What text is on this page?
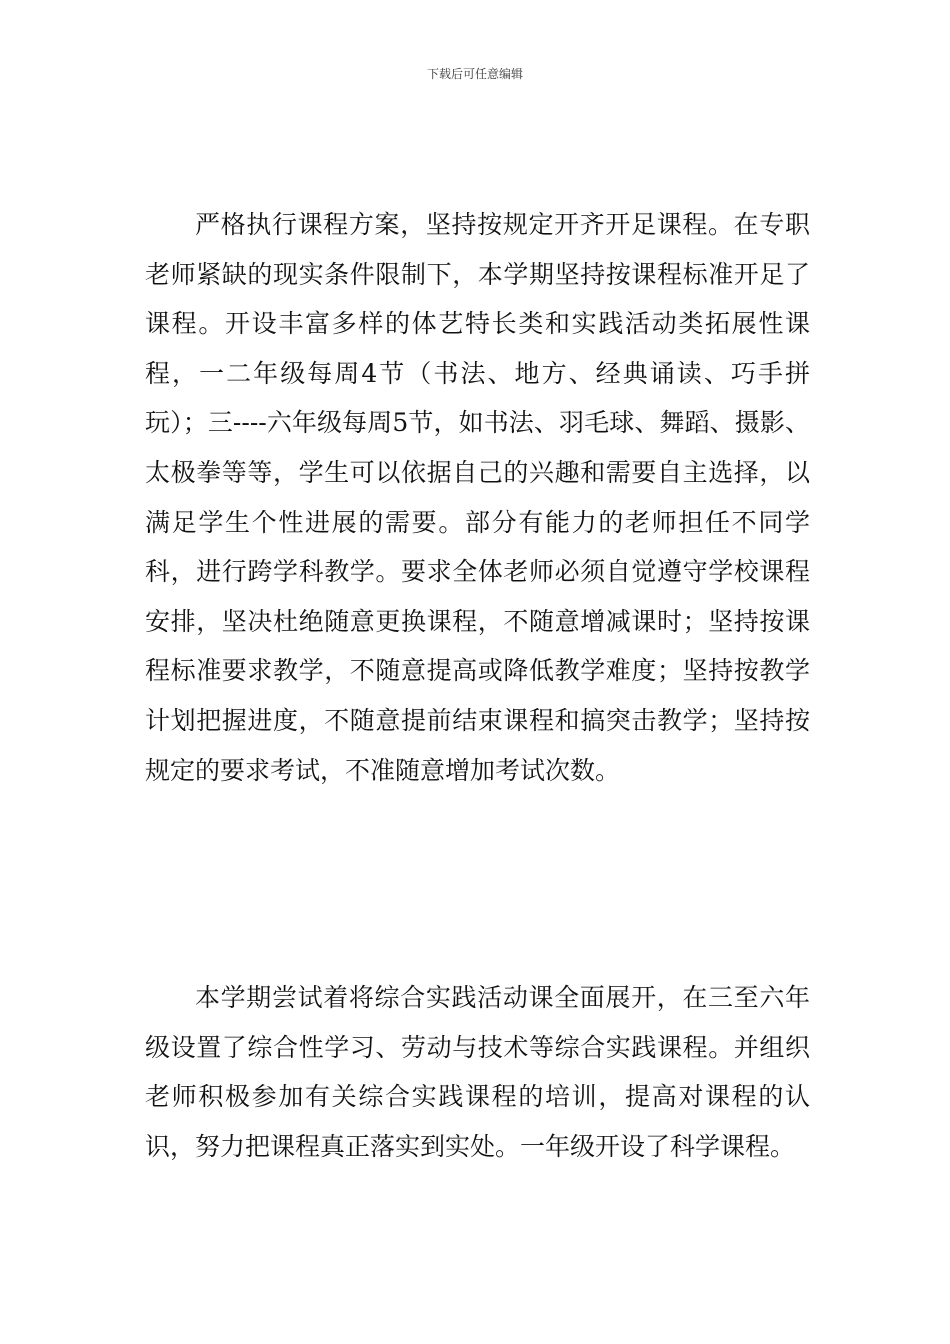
下载后可任意编辑

严格执行课程方案，坚持按规定开齐开足课程。在专职老师紧缺的现实条件限制下，本学期坚持按课程标准开足了课程。开设丰富多样的体艺特长类和实践活动类拓展性课程，一二年级每周4节（书法、地方、经典诵读、巧手拼玩）；三----六年级每周5节，如书法、羽毛球、舞蹈、摄影、太极拳等等，学生可以依据自己的兴趣和需要自主选择，以满足学生个性进展的需要。部分有能力的老师担任不同学科，进行跨学科教学。要求全体老师必须自觉遵守学校课程安排，坚决杜绝随意更换课程，不随意增减课时；坚持按课程标准要求教学，不随意提高或降低教学难度；坚持按教学计划把握进度，不随意提前结束课程和搞突击教学；坚持按规定的要求考试，不准随意增加考试次数。

本学期尝试着将综合实践活动课全面展开，在三至六年级设置了综合性学习、劳动与技术等综合实践课程。并组织老师积极参加有关综合实践课程的培训，提高对课程的认识，努力把课程真正落实到实处。一年级开设了科学课程。
